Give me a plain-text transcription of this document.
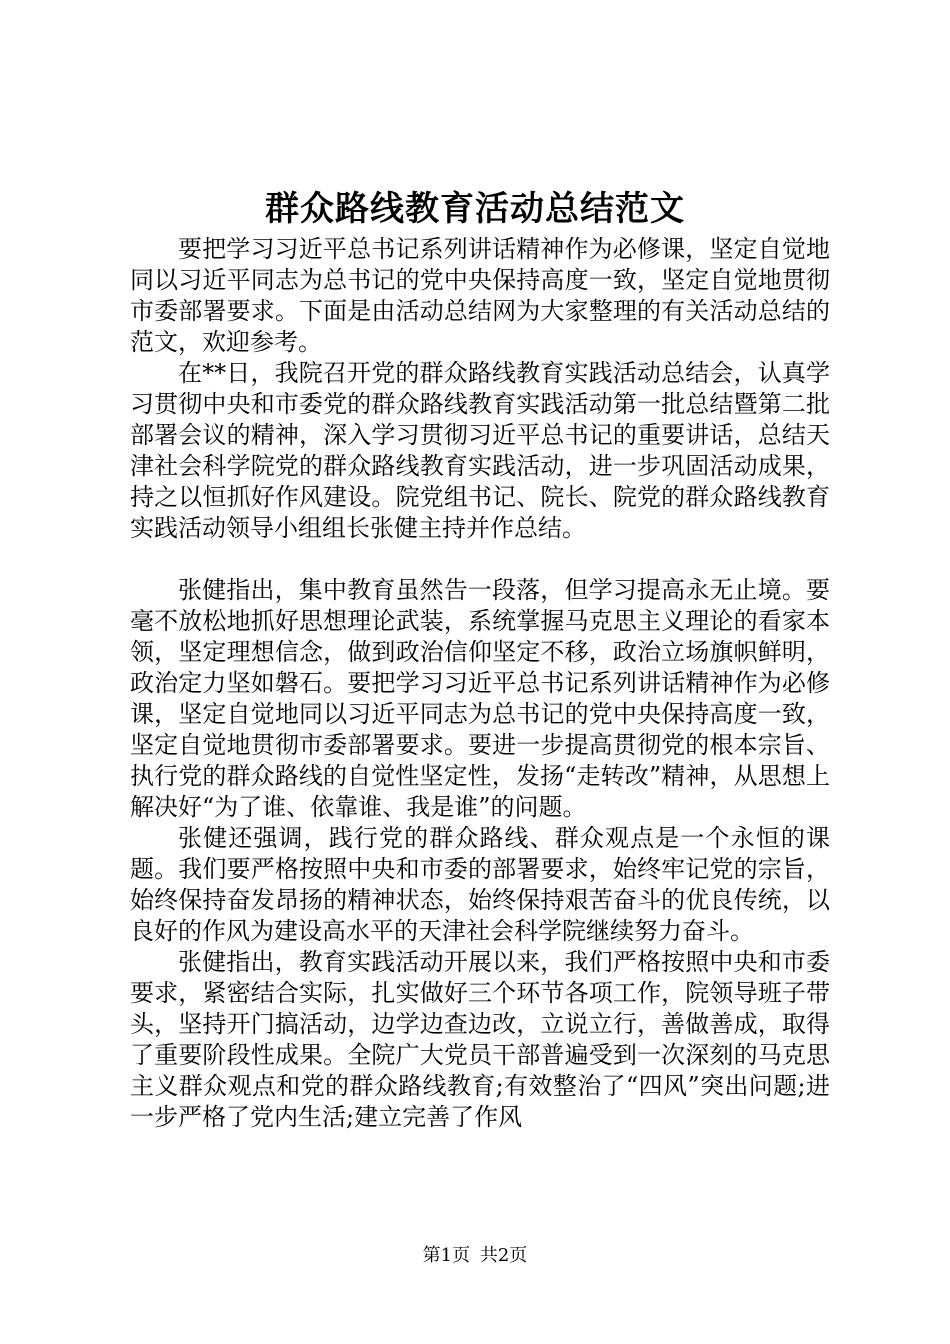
群众路线教育活动总结范文

要把学习习近平总书记系列讲话精神作为必修课，坚定自觉地同以习近平同志为总书记的党中央保持高度一致，坚定自觉地贯彻市委部署要求。下面是由活动总结网为大家整理的有关活动总结的范文，欢迎参考。

在**日，我院召开党的群众路线教育实践活动总结会，认真学习贯彻中央和市委党的群众路线教育实践活动第一批总结暨第二批部署会议的精神，深入学习贯彻习近平总书记的重要讲话，总结天津社会科学院党的群众路线教育实践活动，进一步巩固活动成果，持之以恒抓好作风建设。院党组书记、院长、院党的群众路线教育实践活动领导小组组长张健主持并作总结。

张健指出，集中教育虽然告一段落，但学习提高永无止境。要毫不放松地抓好思想理论武装，系统掌握马克思主义理论的看家本领，坚定理想信念，做到政治信仰坚定不移，政治立场旗帜鲜明，政治定力坚如磐石。要把学习习近平总书记系列讲话精神作为必修课，坚定自觉地同以习近平同志为总书记的党中央保持高度一致，坚定自觉地贯彻市委部署要求。要进一步提高贯彻党的根本宗旨、执行党的群众路线的自觉性坚定性，发扬“走转改”精神，从思想上解决好“为了谁、依靠谁、我是谁”的问题。

张健还强调，践行党的群众路线、群众观点是一个永恒的课题。我们要严格按照中央和市委的部署要求，始终牢记党的宗旨，始终保持奋发昂扬的精神状态，始终保持艰苦奋斗的优良传统，以良好的作风为建设高水平的天津社会科学院继续努力奋斗。

张健指出，教育实践活动开展以来，我们严格按照中央和市委要求，紧密结合实际，扎实做好三个环节各项工作，院领导班子带头，坚持开门搞活动，边学边查边改，立说立行，善做善成，取得了重要阶段性成果。全院广大党员干部普遍受到一次深刻的马克思主义群众观点和党的群众路线教育;有效整治了“四风”突出问题;进一步严格了党内生活;建立完善了作风

第1页 共2页
